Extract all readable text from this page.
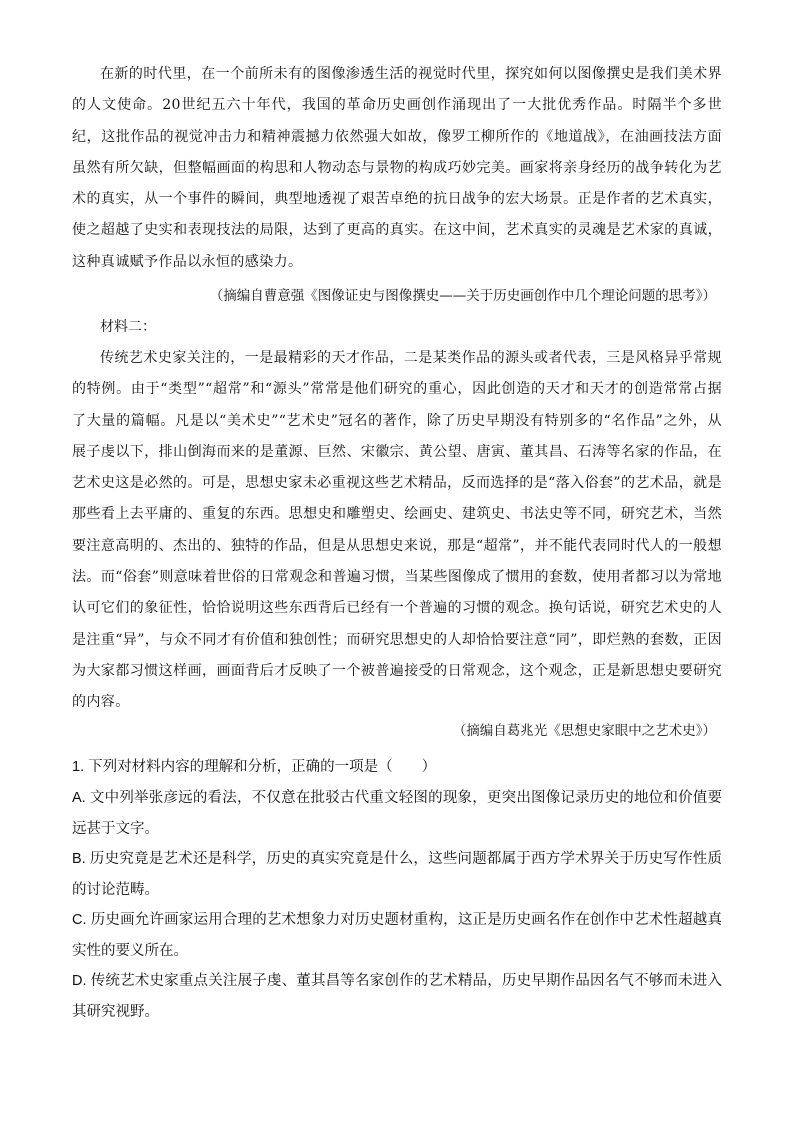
在新的时代里，在一个前所未有的图像渗透生活的视觉时代里，探究如何以图像撰史是我们美术界的人文使命。20世纪五六十年代，我国的革命历史画创作涌现出了一大批优秀作品。时隔半个多世纪，这批作品的视觉冲击力和精神震撼力依然强大如故，像罗工柳所作的《地道战》，在油画技法方面虽然有所欠缺，但整幅画面的构思和人物动态与景物的构成巧妙完美。画家将亲身经历的战争转化为艺术的真实，从一个事件的瞬间，典型地透视了艰苦卓绝的抗日战争的宏大场景。正是作者的艺术真实，使之超越了史实和表现技法的局限，达到了更高的真实。在这中间，艺术真实的灵魂是艺术家的真诚，这种真诚赋予作品以永恒的感染力。

（摘编自曹意强《图像证史与图像撰史——关于历史画创作中几个理论问题的思考》）

材料二：

传统艺术史家关注的，一是最精彩的天才作品，二是某类作品的源头或者代表，三是风格异乎常规的特例。由于“类型”“超常”和“源头”常常是他们研究的重心，因此创造的天才和天才的创造常常占据了大量的篇幅。凡是以“美术史”“艺术史”冠名的著作，除了历史早期没有特别多的“名作品”之外，从展子虔以下，排山倒海而来的是董源、巨然、宋徽宗、黄公望、唐寅、董其昌、石涛等名家的作品，在艺术史这是必然的。可是，思想史家未必重视这些艺术精品，反而选择的是“落入俗套”的艺术品，就是那些看上去平庸的、重复的东西。思想史和雕塑史、绘画史、建筑史、书法史等不同，研究艺术，当然要注意高明的、杰出的、独特的作品，但是从思想史来说，那是“超常”，并不能代表同时代人的一般想法。而“俗套”则意味着世俗的日常观念和普遍习惯，当某些图像成了惯用的套数，使用者都习以为常地认可它们的象征性，恰恰说明这些东西背后已经有一个普遍的习惯的观念。换句话说，研究艺术史的人是注重“异”，与众不同才有价值和独创性；而研究思想史的人却恰恰要注意“同”，即烂熟的套数，正因为大家都习惯这样画，画面背后才反映了一个被普遍接受的日常观念，这个观念，正是新思想史要研究的内容。

（摘编自葛兆光《思想史家眼中之艺术史》）

1. 下列对材料内容的理解和分析，正确的一项是（　　）

A. 文中列举张彦远的看法，不仅意在批驳古代重文轻图的现象，更突出图像记录历史的地位和价值要远甚于文字。

B. 历史究竟是艺术还是科学，历史的真实究竟是什么，这些问题都属于西方学术界关于历史写作性质的讨论范畴。

C. 历史画允许画家运用合理的艺术想象力对历史题材重构，这正是历史画名作在创作中艺术性超越真实性的要义所在。

D. 传统艺术史家重点关注展子虔、董其昌等名家创作的艺术精品，历史早期作品因名气不够而未进入其研究视野。
